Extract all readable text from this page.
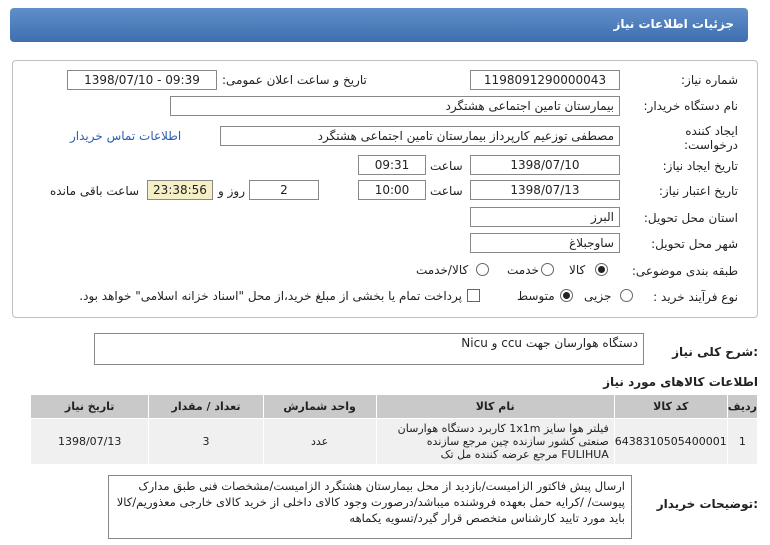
جزئیات اطلاعات نیاز
شماره نیاز:
1198091290000043
تاریخ و ساعت اعلان عمومی:
1398/07/10 - 09:39
نام دستگاه خریدار:
بیمارستان تامین اجتماعی هشتگرد
ایجاد کننده درخواست:
مصطفی توزعیم کارپرداز بیمارستان تامین اجتماعی هشتگرد
اطلاعات تماس خریدار
تاریخ ایجاد نیاز:
1398/07/10
ساعت
09:31
تاریخ اعتبار نیاز:
1398/07/13
ساعت
10:00
2
روز و
23:38:56
ساعت باقی مانده
استان محل تحویل:
البرز
شهر محل تحویل:
ساوجبلاغ
طبقه بندی موضوعی:
کالا
خدمت
کالا/خدمت
نوع فرآیند خرید :
جزیی
متوسط
پرداخت تمام یا بخشی از مبلغ خرید،از محل "اسناد خزانه اسلامی" خواهد بود.
شرح کلی نیاز:
دستگاه هوارسان جهت ccu و Nicu
اطلاعات کالاهای مورد نیاز
ردیف	کد کالا	نام کالا	واحد شمارش	تعداد / مقدار	تاریخ نیاز
1	6438310505400001	فیلتر هوا سایز 1x1m کاربرد دستگاه هوارسان صنعتی کشور سازنده چین مرجع سازنده FULIHUA مرجع عرضه کننده مل تک	عدد	3	1398/07/13
توضیحات خریدار:
ارسال پیش فاکتور الزامیست/بازدید از محل بیمارستان هشتگرد الزامیست/مشخصات فنی طبق مدارک پیوست/ /کرایه حمل بعهده فروشنده میباشد/درصورت وجود کالای داخلی از خرید کالای خارجی معذوریم/کالا باید مورد تایید کارشناس متخصص قرار گیرد/تسویه یکماهه
